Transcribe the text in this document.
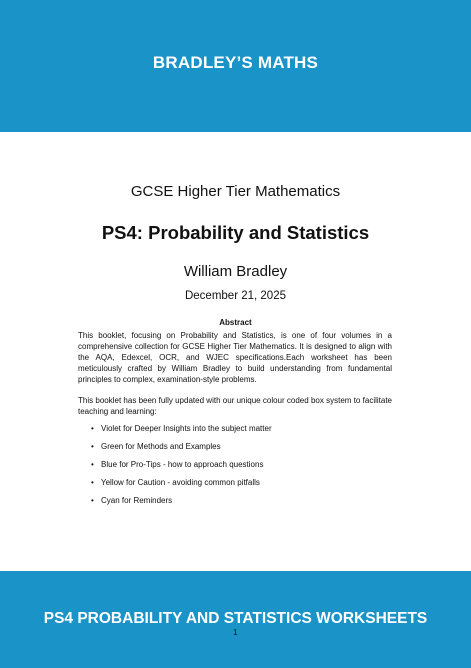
BRADLEY’S MATHS
GCSE Higher Tier Mathematics
PS4: Probability and Statistics
William Bradley
December 21, 2025
Abstract

This booklet, focusing on Probability and Statistics, is one of four volumes in a comprehensive collection for GCSE Higher Tier Mathematics. It is designed to align with the AQA, Edexcel, OCR, and WJEC specifications.Each worksheet has been meticulously crafted by William Bradley to build understanding from fundamental principles to complex, examination-style problems.

This booklet has been fully updated with our unique colour coded box system to facilitate teaching and learning:

• Violet for Deeper Insights into the subject matter
• Green for Methods and Examples
• Blue for Pro-Tips - how to approach questions
• Yellow for Caution - avoiding common pitfalls
• Cyan for Reminders
PS4 PROBABILITY AND STATISTICS WORKSHEETS
1
